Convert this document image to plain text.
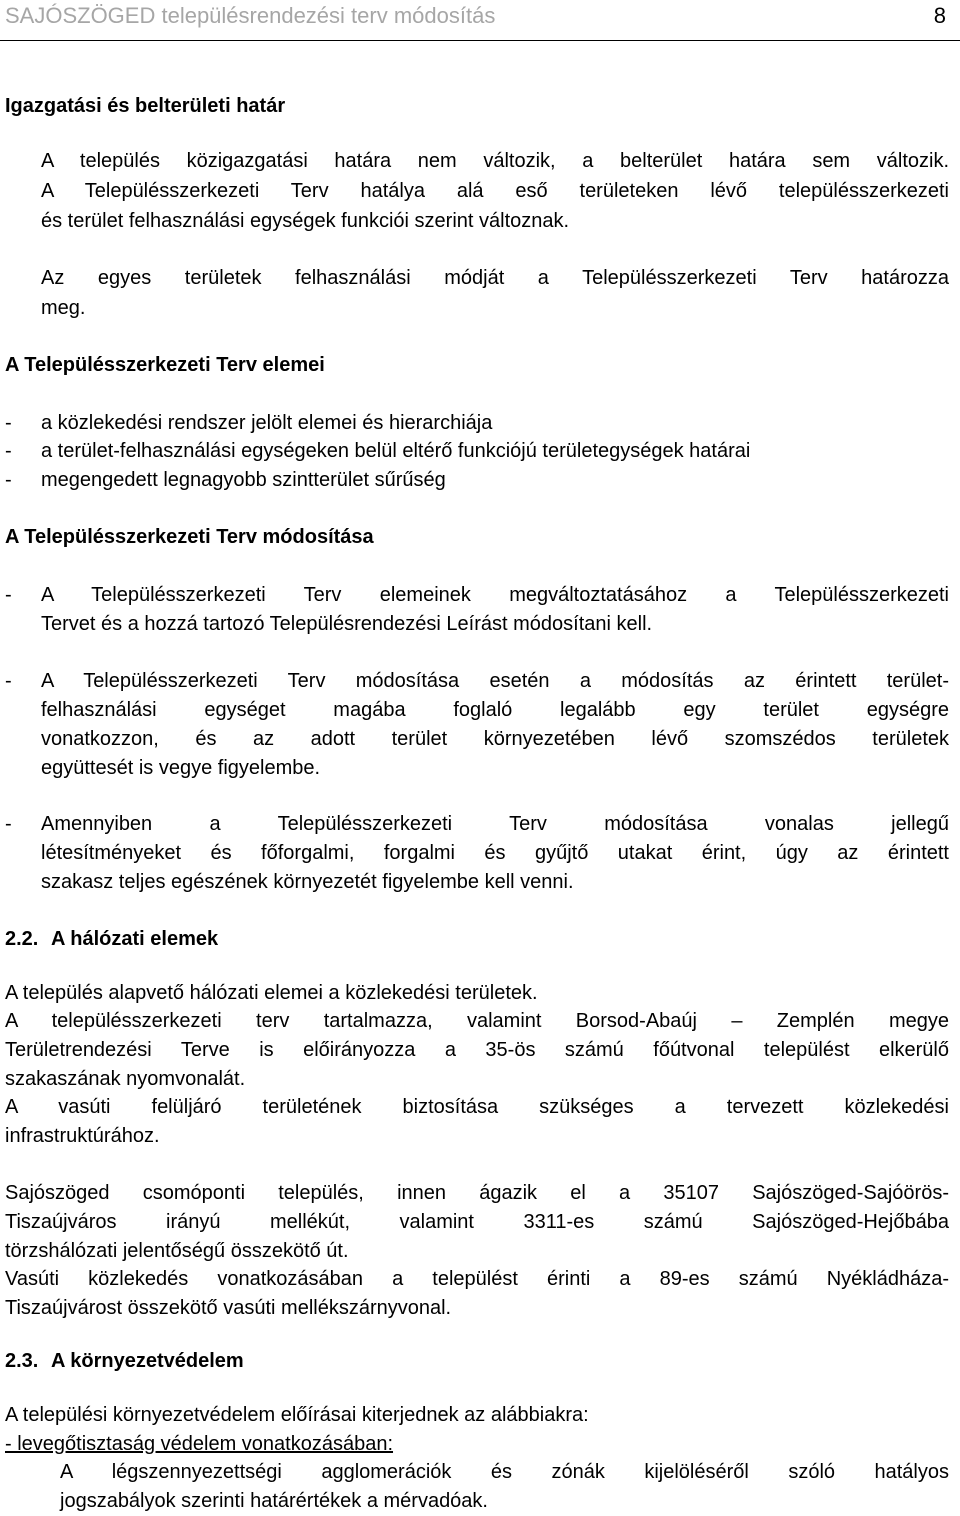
SAJÓSZÖGED településrendezési terv módosítás	8
Igazgatási és belterületi határ
A település közigazgatási határa nem változik, a belterület határa sem változik.
A Településszerkezeti Terv hatálya alá eső területeken lévő településszerkezeti
és terület felhasználási egységek funkciói szerint változnak.
Az egyes területek felhasználási módját a Településszerkezeti Terv határozza
meg.
A Településszerkezeti Terv elemei
- a közlekedési rendszer jelölt elemei és hierarchiája
- a terület-felhasználási egységeken belül eltérő funkciójú területegységek határai
- megengedett legnagyobb szintterület sűrűség
A Településszerkezeti Terv módosítása
- A Településszerkezeti Terv elemeinek megváltoztatásához a Településszerkezeti
Tervet és a hozzá tartozó Településrendezési Leírást módosítani kell.
- A Településszerkezeti Terv módosítása esetén a módosítás az érintett terület-
felhasználási egységet magába foglaló legalább egy terület egységre
vonatkozzon, és az adott terület környezetében lévő szomszédos területek
együttesét is vegye figyelembe.
- Amennyiben a Településszerkezeti Terv módosítása vonalas jellegű
létesítményeket és főforgalmi, forgalmi és gyűjtő utakat érint, úgy az érintett
szakasz teljes egészének környezetét figyelembe kell venni.
2.2. A hálózati elemek
A település alapvető hálózati elemei a közlekedési területek.
A településszerkezeti terv tartalmazza, valamint Borsod-Abaúj – Zemplén megye
Területrendezési Terve is előirányozza a 35-ös számú főútvonal települést elkerülő
szakaszának nyomvonalát.
A vasúti felüljáró területének biztosítása szükséges a tervezett közlekedési
infrastruktúrához.
Sajószöged csomóponti település, innen ágazik el a 35107 Sajószöged-Sajóörös-
Tiszaújváros irányú mellékút, valamint 3311-es számú Sajószöged-Hejőbába
törzshálózati jelentőségű összekötő út.
Vasúti közlekedés vonatkozásában a települést érinti a 89-es számú Nyékládháza-
Tiszaújvárost összekötő vasúti mellékszárnyvonal.
2.3. A környezetvédelem
A települési környezetvédelem előírásai kiterjednek az alábbiakra:
- levegőtisztaság védelem vonatkozásában:
A légszennyezettségi agglomerációk és zónák kijelöléséről szóló hatályos
jogszabályok szerinti határértékek a mérvadóak.
